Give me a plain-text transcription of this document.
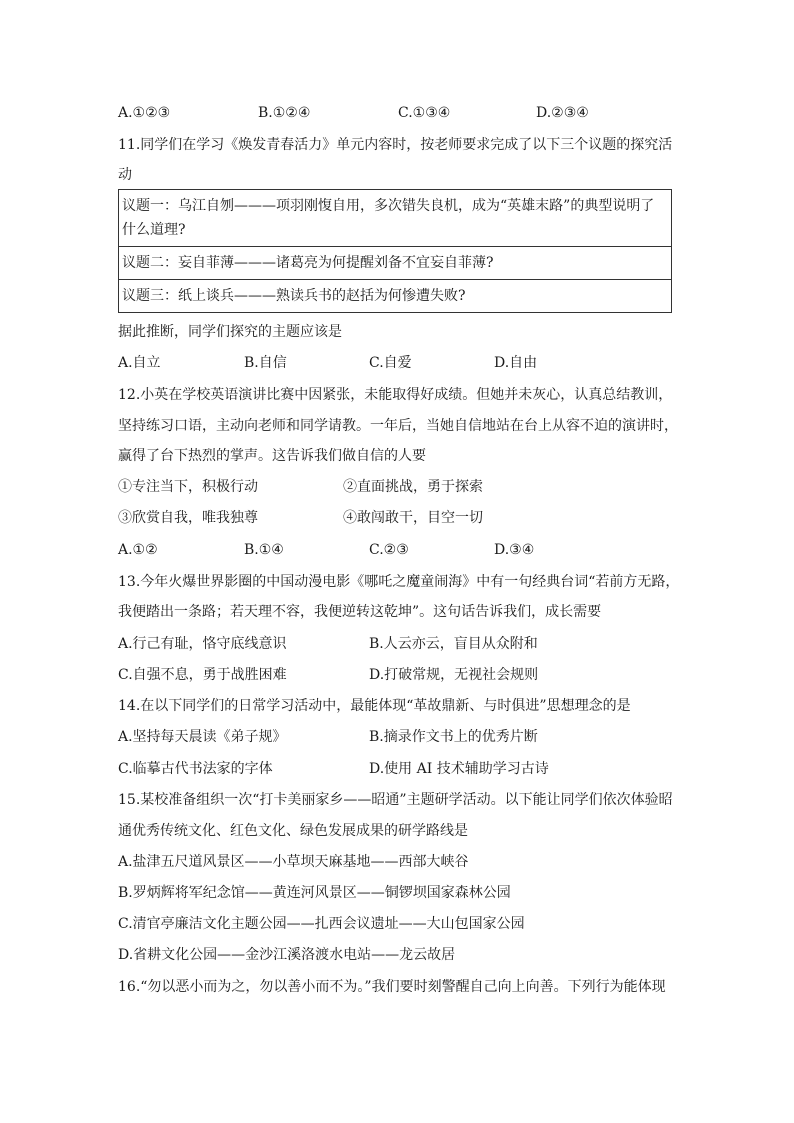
A.①②③	B.①②④	C.①③④	D.②③④
11.同学们在学习《焕发青春活力》单元内容时，按老师要求完成了以下三个议题的探究活
动
议题一：乌江自刎———项羽刚愎自用，多次错失良机，成为“英雄末路”的典型说明了什么道理?
议题二：妄自菲薄———诸葛亮为何提醒刘备不宜妄自菲薄?
议题三：纸上谈兵———熟读兵书的赵括为何惨遭失败?
据此推断，同学们探究的主题应该是
A.自立	B.自信	C.自爱	D.自由
12.小英在学校英语演讲比赛中因紧张，未能取得好成绩。但她并未灰心，认真总结教训，
坚持练习口语，主动向老师和同学请教。一年后，当她自信地站在台上从容不迫的演讲时，
赢得了台下热烈的掌声。这告诉我们做自信的人要
①专注当下，积极行动	②直面挑战，勇于探索
③欣赏自我，唯我独尊	④敢闯敢干，目空一切
A.①②	B.①④	C.②③	D.③④
13.今年火爆世界影圈的中国动漫电影《哪吒之魔童闹海》中有一句经典台词“若前方无路，
我便踏出一条路；若天理不容，我便逆转这乾坤”。这句话告诉我们，成长需要
A.行己有耻，恪守底线意识	B.人云亦云，盲目从众附和
C.自强不息，勇于战胜困难	D.打破常规，无视社会规则
14.在以下同学们的日常学习活动中，最能体现“革故鼎新、与时俱进”思想理念的是
A.坚持每天晨读《弟子规》	B.摘录作文书上的优秀片断
C.临摹古代书法家的字体	D.使用 AI 技术辅助学习古诗
15.某校准备组织一次“打卡美丽家乡——昭通”主题研学活动。以下能让同学们依次体验昭
通优秀传统文化、红色文化、绿色发展成果的研学路线是
A.盐津五尺道风景区——小草坝天麻基地——西部大峡谷
B.罗炳辉将军纪念馆——黄连河风景区——铜锣坝国家森林公园
C.清官亭廉洁文化主题公园——扎西会议遗址——大山包国家公园
D.省耕文化公园——金沙江溪洛渡水电站——龙云故居
16.“勿以恶小而为之，勿以善小而不为。”我们要时刻警醒自己向上向善。下列行为能体现
